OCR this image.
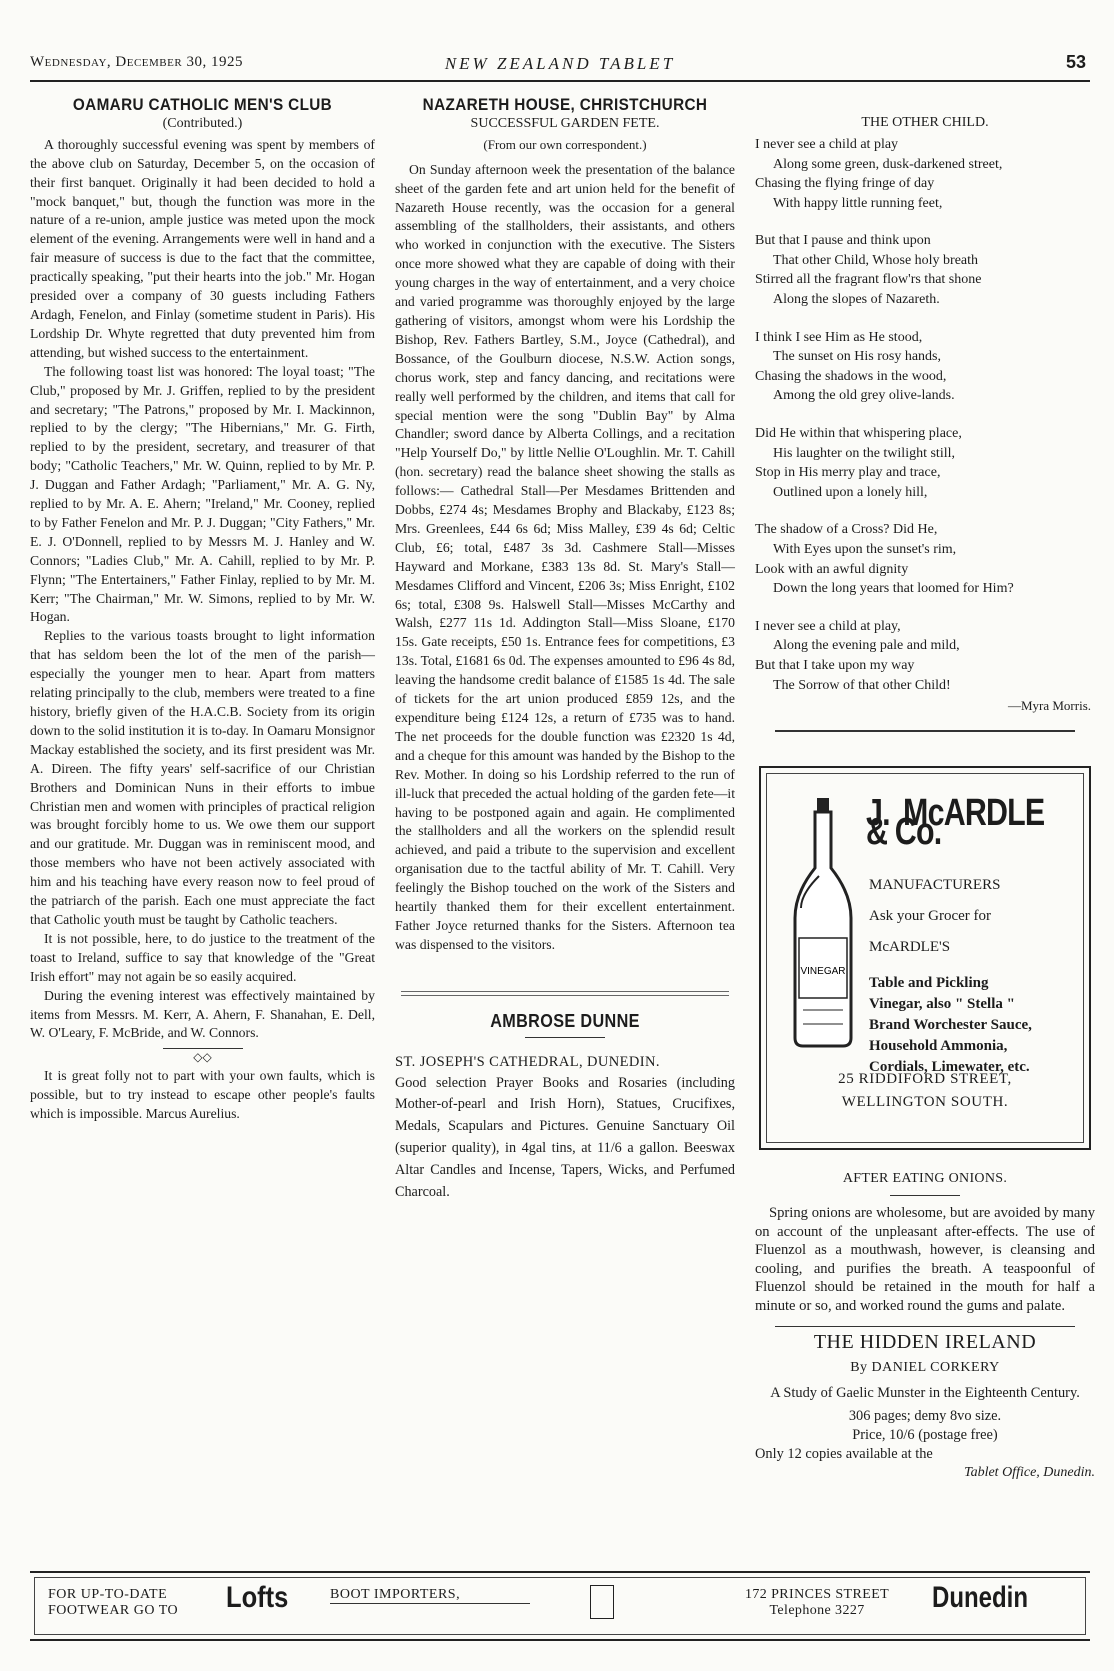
Wednesday, December 30, 1925	NEW ZEALAND TABLET	53
OAMARU CATHOLIC MEN'S CLUB
(Contributed.)

A thoroughly successful evening was spent by members of the above club on Saturday, December 5, on the occasion of their first banquet. Originally it had been decided to hold a "mock banquet," but, though the function was more in the nature of a re-union, ample justice was meted upon the mock element of the evening. Arrangements were well in hand and a fair measure of success is due to the fact that the committee, practically speaking, "put their hearts into the job." Mr. Hogan presided over a company of 30 guests including Fathers Ardagh, Fenelon, and Finlay (sometime student in Paris). His Lordship Dr. Whyte regretted that duty prevented him from attending, but wished success to the entertainment.

The following toast list was honored: The loyal toast; "The Club," proposed by Mr. J. Griffen, replied to by the president and secretary; "The Patrons," proposed by Mr. I. Mackinnon, replied to by the clergy; "The Hibernians," Mr. G. Firth, replied to by the president, secretary, and treasurer of that body; "Catholic Teachers," Mr. W. Quinn, replied to by Mr. P. J. Duggan and Father Ardagh; "Parliament," Mr. A. G. Ny, replied to by Mr. A. E. Ahern; "Ireland," Mr. Cooney, replied to by Father Fenelon and Mr. P. J. Duggan; "City Fathers," Mr. E. J. O'Donnell, replied to by Messrs M. J. Hanley and W. Connors; "Ladies Club," Mr. A. Cahill, replied to by Mr. P. Flynn; "The Entertainers," Father Finlay, replied to by Mr. M. Kerr; "The Chairman," Mr. W. Simons, replied to by Mr. W. Hogan.

Replies to the various toasts brought to light information that has seldom been the lot of the men of the parish—especially the younger men to hear. Apart from matters relating principally to the club, members were treated to a fine history, briefly given of the H.A.C.B. Society from its origin down to the solid institution it is to-day. In Oamaru Monsignor Mackay established the society, and its first president was Mr. A. Direen. The fifty years' self-sacrifice of our Christian Brothers and Dominican Nuns in their efforts to imbue Christian men and women with principles of practical religion was brought forcibly home to us. We owe them our support and our gratitude. Mr. Duggan was in reminiscent mood, and those members who have not been actively associated with him and his teaching have every reason now to feel proud of the patriarch of the parish. Each one must appreciate the fact that Catholic youth must be taught by Catholic teachers.

It is not possible, here, to do justice to the treatment of the toast to Ireland, suffice to say that knowledge of the "Great Irish effort" may not again be so easily acquired.

During the evening interest was effectively maintained by items from Messrs. M. Kerr, A. Ahern, F. Shanahan, E. Dell, W. O'Leary, F. McBride, and W. Connors.

◇◇

It is great folly not to part with your own faults, which is possible, but to try instead to escape other people's faults which is impossible. Marcus Aurelius.

NAZARETH HOUSE, CHRISTCHURCH
SUCCESSFUL GARDEN FETE.
(From our own correspondent.)

On Sunday afternoon week the presentation of the balance sheet of the garden fete and art union held for the benefit of Nazareth House recently, was the occasion for a general assembling of the stallholders, their assistants, and others who worked in conjunction with the executive. The Sisters once more showed what they are capable of doing with their young charges in the way of entertainment, and a very choice and varied programme was thoroughly enjoyed by the large gathering of visitors, amongst whom were his Lordship the Bishop, Rev. Fathers Bartley, S.M., Joyce (Cathedral), and Bossance, of the Goulburn diocese, N.S.W. Action songs, chorus work, step and fancy dancing, and recitations were really well performed by the children, and items that call for special mention were the song "Dublin Bay" by Alma Chandler; sword dance by Alberta Collings, and a recitation "Help Yourself Do," by little Nellie O'Loughlin. Mr. T. Cahill (hon. secretary) read the balance sheet showing the stalls as follows:— Cathedral Stall—Per Mesdames Brittenden and Dobbs, £274 4s; Mesdames Brophy and Blackaby, £123 8s; Mrs. Greenlees, £44 6s 6d; Miss Malley, £39 4s 6d; Celtic Club, £6; total, £487 3s 3d. Cashmere Stall—Misses Hayward and Morkane, £383 13s 8d. St. Mary's Stall—Mesdames Clifford and Vincent, £206 3s; Miss Enright, £102 6s; total, £308 9s. Halswell Stall—Misses McCarthy and Walsh, £277 11s 1d. Addington Stall—Miss Sloane, £170 15s. Gate receipts, £50 1s. Entrance fees for competitions, £3 13s. Total, £1681 6s 0d. The expenses amounted to £96 4s 8d, leaving the handsome credit balance of £1585 1s 4d. The sale of tickets for the art union produced £859 12s, and the expenditure being £124 12s, a return of £735 was to hand. The net proceeds for the double function was £2320 1s 4d, and a cheque for this amount was handed by the Bishop to the Rev. Mother. In doing so his Lordship referred to the run of ill-luck that preceded the actual holding of the garden fete—it having to be postponed again and again. He complimented the stallholders and all the workers on the splendid result achieved, and paid a tribute to the supervision and excellent organisation due to the tactful ability of Mr. T. Cahill. Very feelingly the Bishop touched on the work of the Sisters and heartily thanked them for their excellent entertainment. Father Joyce returned thanks for the Sisters. Afternoon tea was dispensed to the visitors.

AMBROSE DUNNE
ST. JOSEPH'S CATHEDRAL, DUNEDIN.
Good selection Prayer Books and Rosaries (including Mother-of-pearl and Irish Horn), Statues, Crucifixes, Medals, Scapulars and Pictures. Genuine Sanctuary Oil (superior quality), in 4gal tins, at 11/6 a gallon. Beeswax Altar Candles and Incense, Tapers, Wicks, and Perfumed Charcoal.
THE OTHER CHILD.
I never see a child at play
Along some green, dusk-darkened street,
Chasing the flying fringe of day
With happy little running feet,
But that I pause and think upon
That other Child, Whose holy breath
Stirred all the fragrant flow'rs that shone
Along the slopes of Nazareth.
I think I see Him as He stood,
The sunset on His rosy hands,
Chasing the shadows in the wood,
Among the old grey olive-lands.
Did He within that whispering place,
His laughter on the twilight still,
Stop in His merry play and trace,
Outlined upon a lonely hill,
The shadow of a Cross? Did He,
With Eyes upon the sunset's rim,
Look with an awful dignity
Down the long years that loomed for Him?
I never see a child at play,
Along the evening pale and mild,
But that I take upon my way
The Sorrow of that other Child!
—Myra Morris.
VINEGAR
J. McARDLE & Co.
MANUFACTURERS
Ask your Grocer for
McARDLE'S
Table and Pickling
Vinegar, also " Stella "
Brand Worchester Sauce,
Household Ammonia,
Cordials, Limewater, etc.
25 RIDDIFORD STREET,
WELLINGTON SOUTH.
AFTER EATING ONIONS.
Spring onions are wholesome, but are avoided by many on account of the unpleasant after-effects. The use of Fluenzol as a mouthwash, however, is cleansing and cooling, and purifies the breath. A teaspoonful of Fluenzol should be retained in the mouth for half a minute or so, and worked round the gums and palate.
THE HIDDEN IRELAND
By DANIEL CORKERY
A Study of Gaelic Munster in the Eighteenth Century.
306 pages; demy 8vo size.
Price, 10/6 (postage free)
Only 12 copies available at the
Tablet Office, Dunedin.
FOR UP-TO-DATE
FOOTWEAR GO TO Lofts	BOOT IMPORTERS,	172 PRINCES STREET
Telephone 3227	Dunedin
